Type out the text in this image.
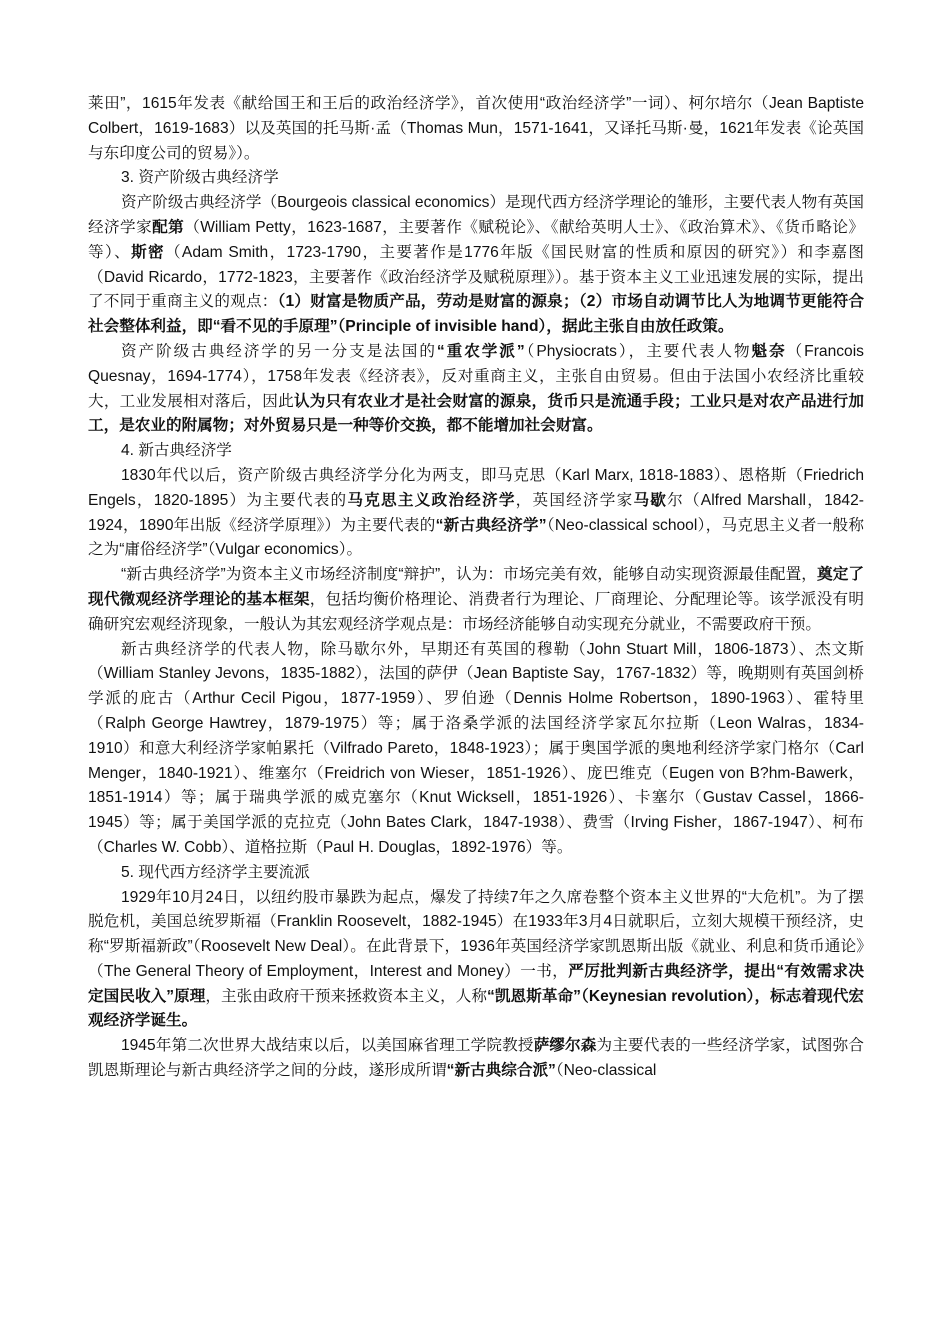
莱田”，1615年发表《献给国王和王后的政治经济学》，首次使用“政治经济学”一词）、柯尔培尔（Jean Baptiste Colbert，1619-1683）以及英国的托马斯·孟（Thomas Mun，1571-1641，又译托马斯·曼，1621年发表《论英国与东印度公司的贸易》）。

3. 资产阶级古典经济学

资产阶级古典经济学（Bourgeois classical economics）是现代西方经济学理论的雏形，主要代表人物有英国经济学家配第（William Petty，1623-1687，主要著作《赋税论》、《献给英明人士》、《政治算术》、《货币略论》等）、斯密（Adam Smith，1723-1790，主要著作是1776年版《国民财富的性质和原因的研究》）和李嘉图（David Ricardo，1772-1823，主要著作《政治经济学及赋税原理》）。基于资本主义工业迅速发展的实际，提出了不同于重商主义的观点：（1）财富是物质产品，劳动是财富的源泉；（2）市场自动调节比人为地调节更能符合社会整体利益，即“看不见的手原理”（Principle of invisible hand），据此主张自由放任政策。

资产阶级古典经济学的另一分支是法国的“重农学派”（Physiocrats），主要代表人物魁奈（Francois Quesnay，1694-1774），1758年发表《经济表》，反对重商主义，主张自由贸易。但由于法国小农经济比重较大，工业发展相对落后，因此认为只有农业才是社会财富的源泉，货币只是流通手段；工业只是对农产品进行加工，是农业的附属物；对外贸易只是一种等价交换，都不能增加社会财富。

4. 新古典经济学

1830年代以后，资产阶级古典经济学分化为两支，即马克思（Karl Marx, 1818-1883）、恩格斯（Friedrich Engels，1820-1895）为主要代表的马克思主义政治经济学，英国经济学家马歇尔（Alfred Marshall，1842-1924，1890年出版《经济学原理》）为主要代表的“新古典经济学”（Neo-classical school），马克思主义者一般称之为“庸俗经济学”（Vulgar economics）。

“新古典经济学”为资本主义市场经济制度“辩护”，认为：市场完美有效，能够自动实现资源最佳配置，奠定了现代微观经济学理论的基本框架，包括均衡价格理论、消费者行为理论、厂商理论、分配理论等。该学派没有明确研究宏观经济现象，一般认为其宏观经济学观点是：市场经济能够自动实现充分就业，不需要政府干预。

新古典经济学的代表人物，除马歇尔外，早期还有英国的穆勒（John Stuart Mill，1806-1873）、杰文斯（William Stanley Jevons，1835-1882），法国的萨伊（Jean Baptiste Say，1767-1832）等，晚期则有英国剑桥学派的庇古（Arthur Cecil Pigou，1877-1959）、罗伯逊（Dennis Holme Robertson，1890-1963）、霍特里（Ralph George Hawtrey，1879-1975）等；属于洛桑学派的法国经济学家瓦尔拉斯（Leon Walras，1834-1910）和意大利经济学家帕累托（Vilfrado Pareto，1848-1923）；属于奥国学派的奥地利经济学家门格尔（Carl Menger，1840-1921）、维塞尔（Freidrich von Wieser，1851-1926）、庞巴维克（Eugen von B?hm-Bawerk，1851-1914）等；属于瑞典学派的威克塞尔（Knut Wicksell，1851-1926）、卡塞尔（Gustav Cassel，1866-1945）等；属于美国学派的克拉克（John Bates Clark，1847-1938）、费雪（Irving Fisher，1867-1947）、柯布（Charles W. Cobb）、道格拉斯（Paul H. Douglas，1892-1976）等。

5. 现代西方经济学主要流派

1929年10月24日，以纽约股市暴跌为起点，爆发了持续7年之久席卷整个资本主义世界的“大危机”。为了摆脱危机，美国总统罗斯福（Franklin Roosevelt，1882-1945）在1933年3月4日就职后，立刻大规模干预经济，史称“罗斯福新政”（Roosevelt New Deal）。在此背景下，1936年英国经济学家凯恩斯出版《就业、利息和货币通论》（The General Theory of Employment，Interest and Money）一书，严厉批判新古典经济学，提出“有效需求决定国民收入”原理，主张由政府干预来拯救资本主义，人称“凯恩斯革命”（Keynesian revolution），标志着现代宏观经济学诞生。

1945年第二次世界大战结束以后，以美国麻省理工学院教授萨缪尔森为主要代表的一些经济学家，试图弥合凯恩斯理论与新古典经济学之间的分歧，遂形成所谓“新古典综合派”（Neo-classical
